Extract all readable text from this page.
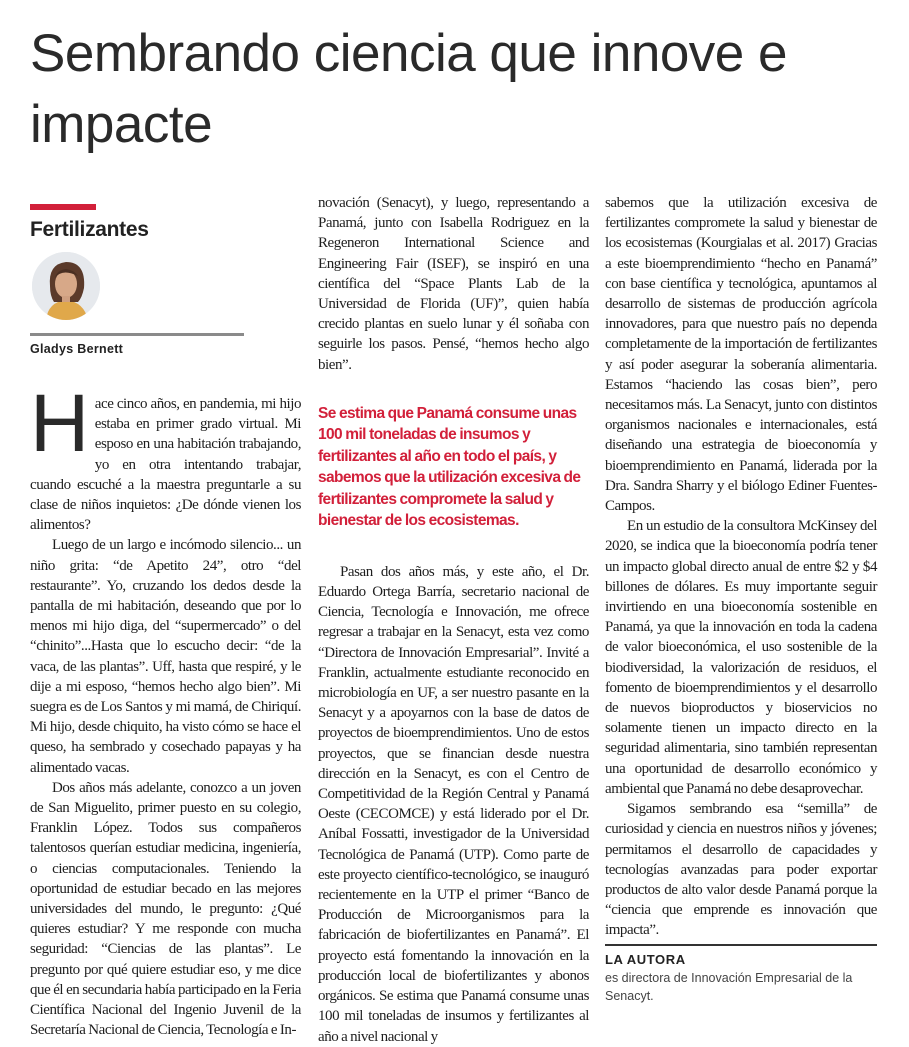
Sembrando ciencia que innove e impacte
Fertilizantes
Gladys Bernett

Hace cinco años, en pandemia, mi hijo estaba en primer grado virtual. Mi esposo en una habitación trabajando, yo en otra intentando trabajar, cuando escuché a la maestra preguntarle a su clase de niños inquietos: ¿De dónde vienen los alimentos?

Luego de un largo e incómodo silencio... un niño grita: “de Apetito 24”, otro “del restaurante”. Yo, cruzando los dedos desde la pantalla de mi habitación, deseando que por lo menos mi hijo diga, del “supermercado” o del “chinito”...Hasta que lo escucho decir: “de la vaca, de las plantas”. Uff, hasta que respiré, y le dije a mi esposo, “hemos hecho algo bien”. Mi suegra es de Los Santos y mi mamá, de Chiriquí. Mi hijo, desde chiquito, ha visto cómo se hace el queso, ha sembrado y cosechado papayas y ha alimentado vacas.

Dos años más adelante, conozco a un joven de San Miguelito, primer puesto en su colegio, Franklin López. Todos sus compañeros talentosos querían estudiar medicina, ingeniería, o ciencias computacionales. Teniendo la oportunidad de estudiar becado en las mejores universidades del mundo, le pregunto: ¿Qué quieres estudiar? Y me responde con mucha seguridad: “Ciencias de las plantas”. Le pregunto por qué quiere estudiar eso, y me dice que él en secundaria había participado en la Feria Científica Nacional del Ingenio Juvenil de la Secretaría Nacional de Ciencia, Tecnología e In-

novación (Senacyt), y luego, representando a Panamá, junto con Isabella Rodriguez en la Regeneron International Science and Engineering Fair (ISEF), se inspiró en una científica del “Space Plants Lab de la Universidad de Florida (UF)”, quien había crecido plantas en suelo lunar y él soñaba con seguirle los pasos. Pensé, “hemos hecho algo bien”.

Se estima que Panamá consume unas 100 mil toneladas de insumos y fertilizantes al año en todo el país, y sabemos que la utilización excesiva de fertilizantes compromete la salud y bienestar de los ecosistemas.

Pasan dos años más, y este año, el Dr. Eduardo Ortega Barría, secretario nacional de Ciencia, Tecnología e Innovación, me ofrece regresar a trabajar en la Senacyt, esta vez como “Directora de Innovación Empresarial”. Invité a Franklin, actualmente estudiante reconocido en microbiología en UF, a ser nuestro pasante en la Senacyt y a apoyarnos con la base de datos de proyectos de bioemprendimientos. Uno de estos proyectos, que se financian desde nuestra dirección en la Senacyt, es con el Centro de Competitividad de la Región Central y Panamá Oeste (CECOMCE) y está liderado por el Dr. Aníbal Fossatti, investigador de la Universidad Tecnológica de Panamá (UTP). Como parte de este proyecto científico-tecnológico, se inauguró recientemente en la UTP el primer “Banco de Producción de Microorganismos para la fabricación de biofertilizantes en Panamá”. El proyecto está fomentando la innovación en la producción local de biofertilizantes y abonos orgánicos. Se estima que Panamá consume unas 100 mil toneladas de insumos y fertilizantes al año a nivel nacional y

sabemos que la utilización excesiva de fertilizantes compromete la salud y bienestar de los ecosistemas (Kourgialas et al. 2017) Gracias a este bioemprendimiento “hecho en Panamá” con base científica y tecnológica, apuntamos al desarrollo de sistemas de producción agrícola innovadores, para que nuestro país no dependa completamente de la importación de fertilizantes y así poder asegurar la soberanía alimentaria. Estamos “haciendo las cosas bien”, pero necesitamos más. La Senacyt, junto con distintos organismos nacionales e internacionales, está diseñando una estrategia de bioeconomía y bioemprendimiento en Panamá, liderada por la Dra. Sandra Sharry y el biólogo Ediner Fuentes-Campos.

En un estudio de la consultora McKinsey del 2020, se indica que la bioeconomía podría tener un impacto global directo anual de entre $2 y $4 billones de dólares. Es muy importante seguir invirtiendo en una bioeconomía sostenible en Panamá, ya que la innovación en toda la cadena de valor bioeconómica, el uso sostenible de la biodiversidad, la valorización de residuos, el fomento de bioemprendimientos y el desarrollo de nuevos bioproductos y bioservicios no solamente tienen un impacto directo en la seguridad alimentaria, sino también representan una oportunidad de desarrollo económico y ambiental que Panamá no debe desaprovechar.

Sigamos sembrando esa “semilla” de curiosidad y ciencia en nuestros niños y jóvenes; permitamos el desarrollo de capacidades y tecnologías avanzadas para poder exportar productos de alto valor desde Panamá porque la “ciencia que emprende es innovación que impacta”.

LA AUTORA
es directora de Innovación Empresarial de la Senacyt.
